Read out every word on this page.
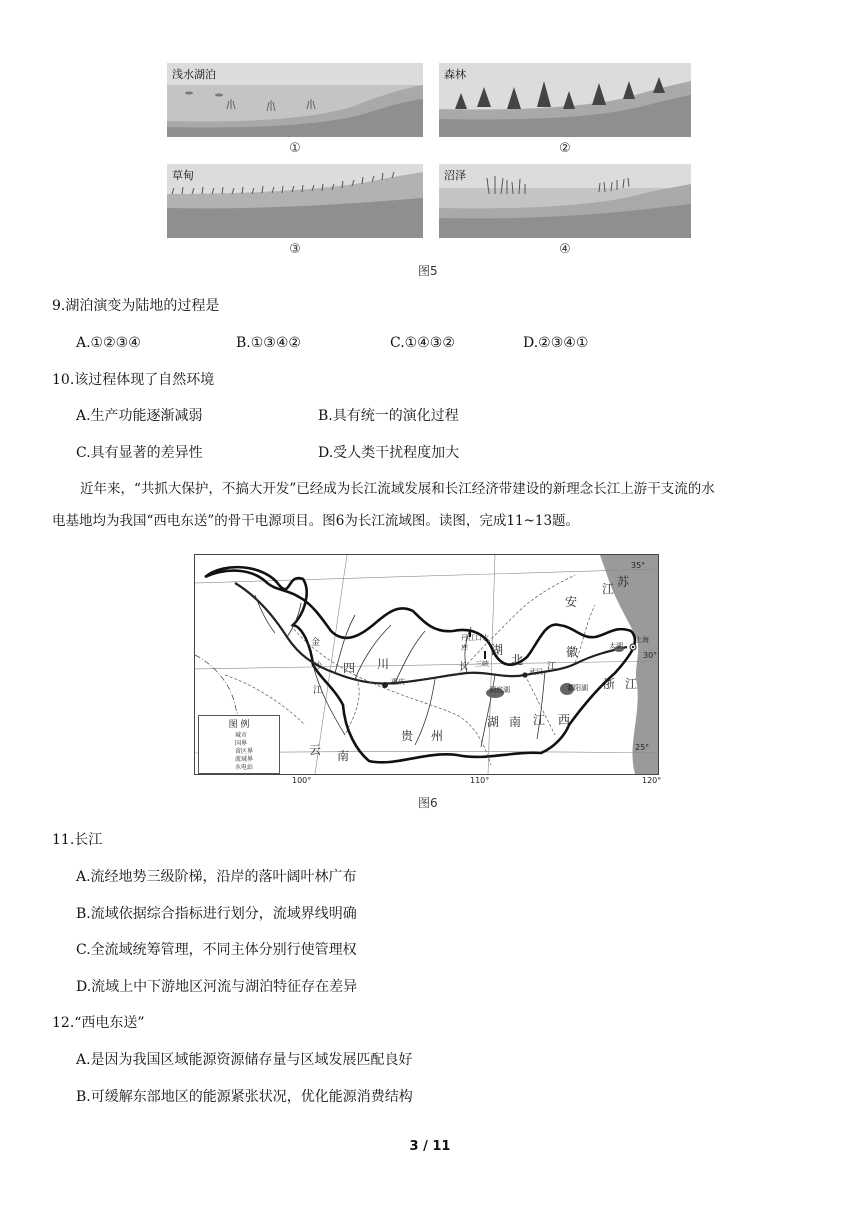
浅水湖泊	森林
草甸	沼泽
①	②
③	④
图5
9.湖泊演变为陆地的过程是
A.①②③④	B.①③④②	C.①④③②	D.②③④①
10.该过程体现了自然环境
A.生产功能逐渐减弱	B.具有统一的演化过程
C.具有显著的差异性	D.受人类干扰程度加大
近年来，“共抓大保护，不搞大开发”已经成为长江流域发展和长江经济带建设的新理念长江上游干支流的水
电基地均为我国“西电东送”的骨干电源项目。图6为长江流域图。读图，完成11~13题。
35°
30°
25°
江 苏
安
徽
湖
北
四 川
湖 南 江 西
浙 江
贵 州
云 南
金
沙
江
丹江口水库
三峡
重庆
武汉
洞庭湖	鄱阳湖
上海
长	江
太湖
图 例
城市
国界
省区界
流域界
水电站
100°	110°	120°
图6
11.长江
A.流经地势三级阶梯，沿岸的落叶阔叶林广布
B.流域依据综合指标进行划分，流域界线明确
C.全流域统筹管理，不同主体分别行使管理权
D.流域上中下游地区河流与湖泊特征存在差异
12.“西电东送”
A.是因为我国区域能源资源储存量与区域发展匹配良好
B.可缓解东部地区的能源紧张状况，优化能源消费结构
3 / 11
